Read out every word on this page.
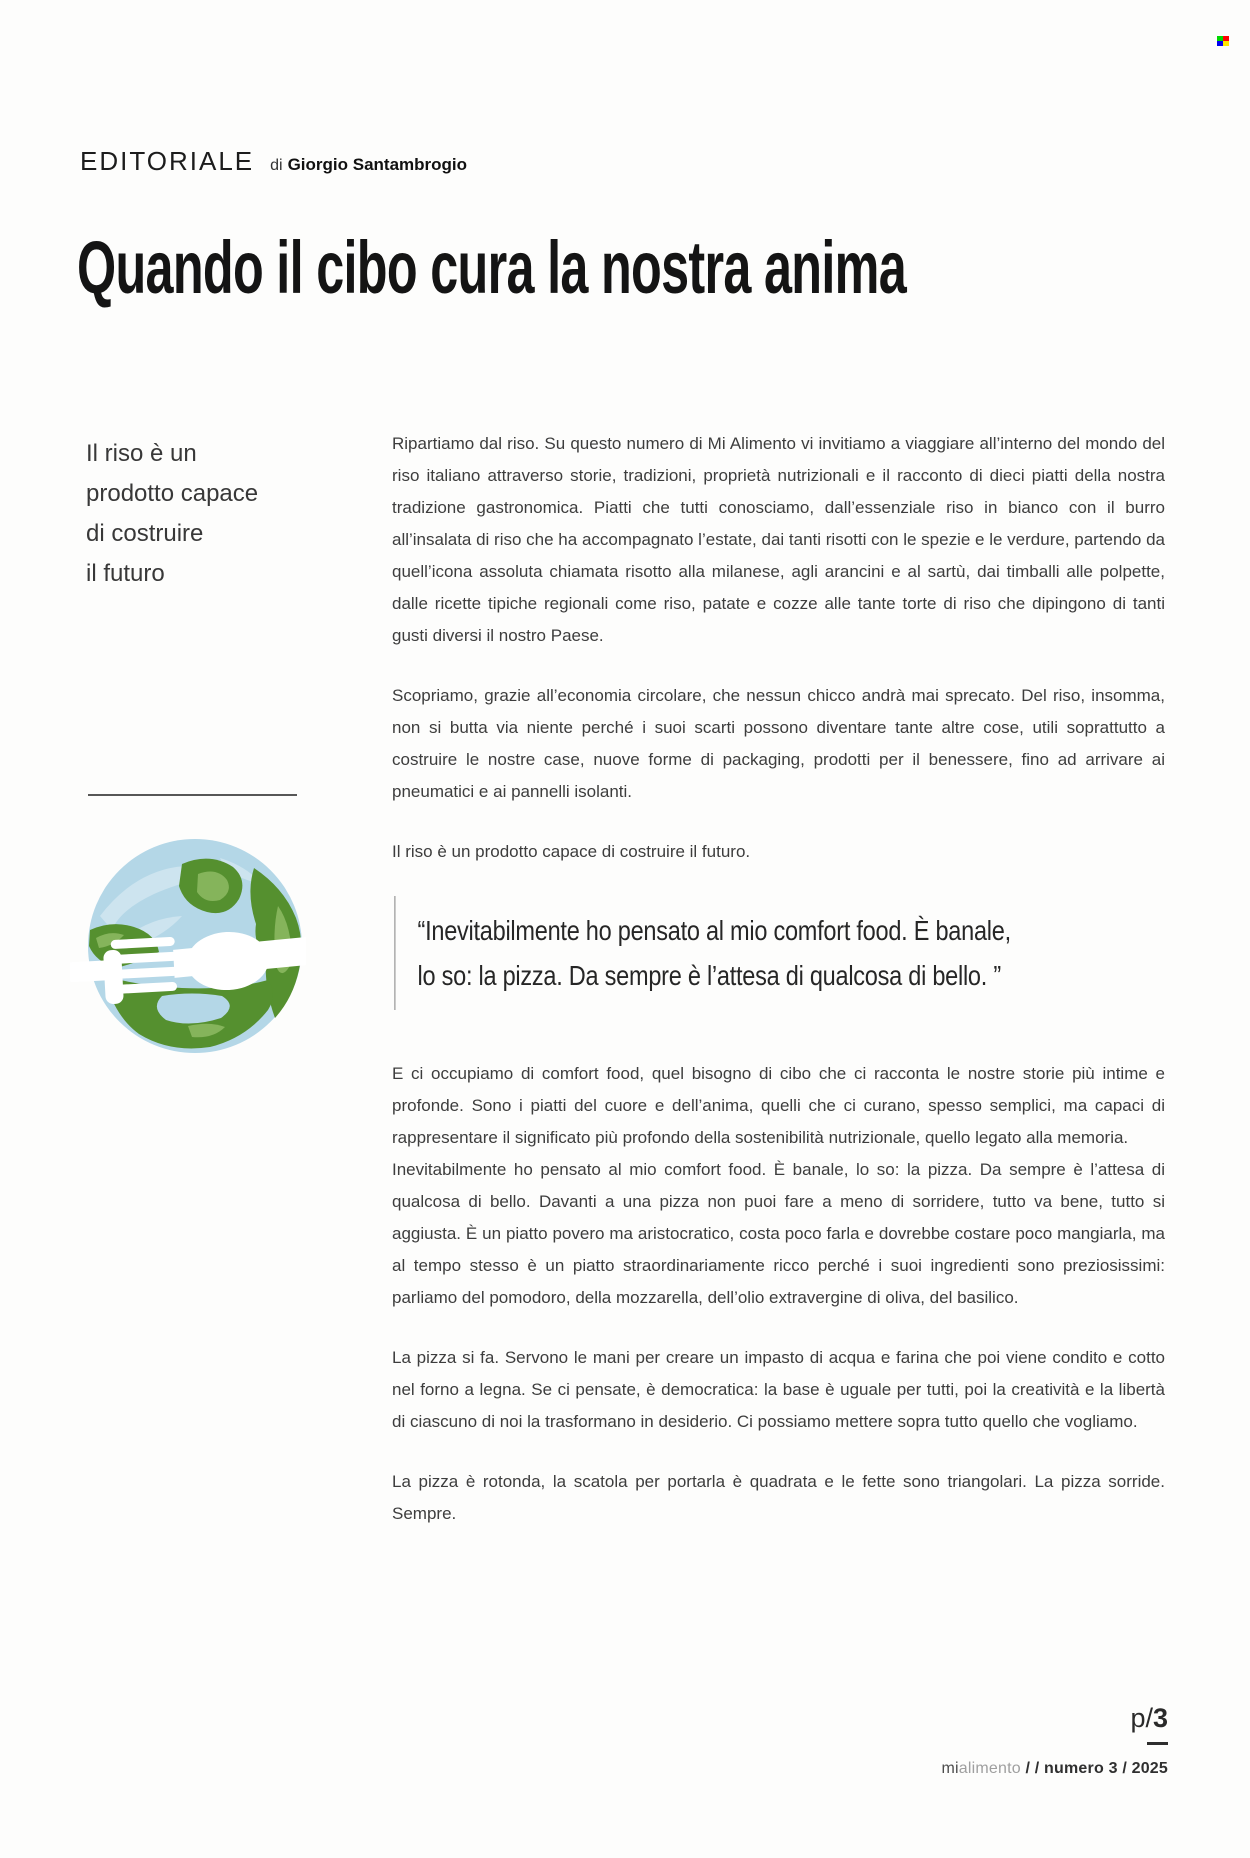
EDITORIALE di Giorgio Santambrogio
Quando il cibo cura la nostra anima
Il riso è un
prodotto capace
di costruire
il futuro

Ripartiamo dal riso. Su questo numero di Mi Alimento vi invitiamo a viaggiare all’interno del mondo del riso italiano attraverso storie, tradizioni, proprietà nutrizionali e il racconto di dieci piatti della nostra tradizione gastronomica. Piatti che tutti conosciamo, dall’essenziale riso in bianco con il burro all’insalata di riso che ha accompagnato l’estate, dai tanti risotti con le spezie e le verdure, partendo da quell’icona assoluta chiamata risotto alla milanese, agli arancini e al sartù, dai timballi alle polpette, dalle ricette tipiche regionali come riso, patate e cozze alle tante torte di riso che dipingono di tanti gusti diversi il nostro Paese.

Scopriamo, grazie all’economia circolare, che nessun chicco andrà mai sprecato. Del riso, insomma, non si butta via niente perché i suoi scarti possono diventare tante altre cose, utili soprattutto a costruire le nostre case, nuove forme di packaging, prodotti per il benessere, fino ad arrivare ai pneumatici e ai pannelli isolanti.

Il riso è un prodotto capace di costruire il futuro.

“Inevitabilmente ho pensato al mio comfort food. È banale,
lo so: la pizza. Da sempre è l’attesa di qualcosa di bello. ”

E ci occupiamo di comfort food, quel bisogno di cibo che ci racconta le nostre storie più intime e profonde. Sono i piatti del cuore e dell’anima, quelli che ci curano, spesso semplici, ma capaci di rappresentare il significato più profondo della sostenibilità nutrizionale, quello legato alla memoria.

Inevitabilmente ho pensato al mio comfort food. È banale, lo so: la pizza. Da sempre è l’attesa di qualcosa di bello. Davanti a una pizza non puoi fare a meno di sorridere, tutto va bene, tutto si aggiusta. È un piatto povero ma aristocratico, costa poco farla e dovrebbe costare poco mangiarla, ma al tempo stesso è un piatto straordinariamente ricco perché i suoi ingredienti sono preziosissimi: parliamo del pomodoro, della mozzarella, dell’olio extravergine di oliva, del basilico.

La pizza si fa. Servono le mani per creare un impasto di acqua e farina che poi viene condito e cotto nel forno a legna. Se ci pensate, è democratica: la base è uguale per tutti, poi la creatività e la libertà di ciascuno di noi la trasformano in desiderio. Ci possiamo mettere sopra tutto quello che vogliamo.

La pizza è rotonda, la scatola per portarla è quadrata e le fette sono triangolari. La pizza sorride. Sempre.

p/3
mialimento / / numero 3 / 2025
